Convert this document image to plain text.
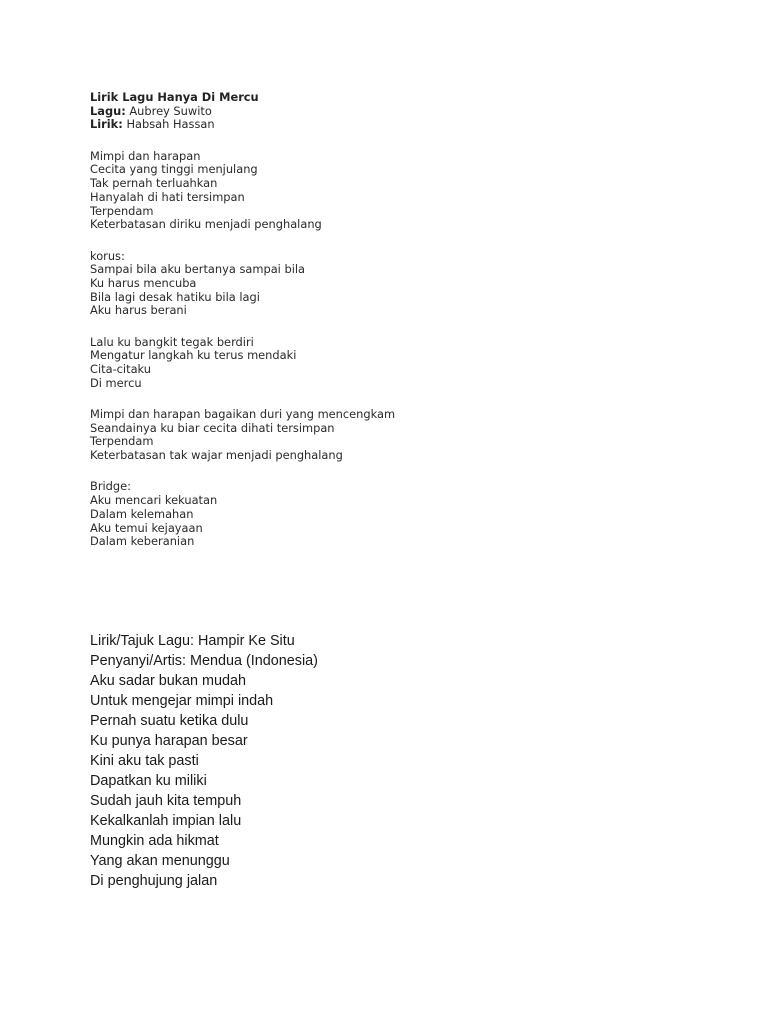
Lirik Lagu Hanya Di Mercu
Lagu: Aubrey Suwito
Lirik: Habsah Hassan
Mimpi dan harapan
Cecita yang tinggi menjulang
Tak pernah terluahkan
Hanyalah di hati tersimpan
Terpendam
Keterbatasan diriku menjadi penghalang
korus:
Sampai bila aku bertanya sampai bila
Ku harus mencuba
Bila lagi desak hatiku bila lagi
Aku harus berani
Lalu ku bangkit tegak berdiri
Mengatur langkah ku terus mendaki
Cita-citaku
Di mercu
Mimpi dan harapan bagaikan duri yang mencengkam
Seandainya ku biar cecita dihati tersimpan
Terpendam
Keterbatasan tak wajar menjadi penghalang
Bridge:
Aku mencari kekuatan
Dalam kelemahan
Aku temui kejayaan
Dalam keberanian
Lirik/Tajuk Lagu: Hampir Ke Situ
Penyanyi/Artis: Mendua (Indonesia)
Aku sadar bukan mudah
Untuk mengejar mimpi indah
Pernah suatu ketika dulu
Ku punya harapan besar
Kini aku tak pasti
Dapatkan ku miliki
Sudah jauh kita tempuh
Kekalkanlah impian lalu
Mungkin ada hikmat
Yang akan menunggu
Di penghujung jalan
